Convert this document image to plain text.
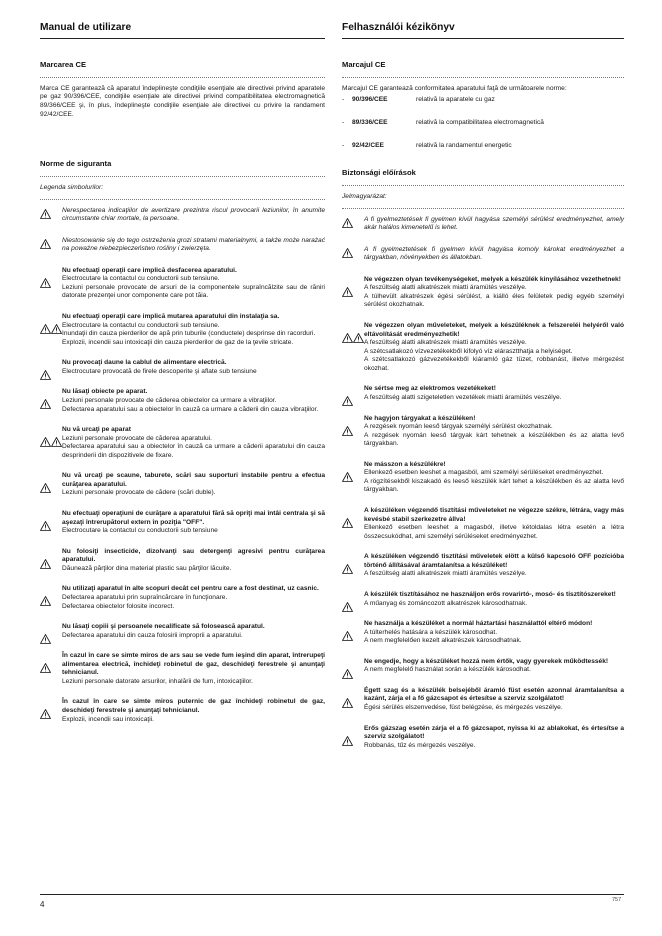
Manual de utilizare	Felhasználói kézikönyv
Marcarea CE

Marca CE garantează că aparatul îndeplineşte condiţiile esenţiale ale directivei privind aparatele pe gaz 90/396/CEE, condiţiile esenţiale ale directivei privind compatibilitatea electromagnetică 89/366/CEE şi, în plus, îndeplineşte condiţiile esenţiale ale directivei cu privire la randament 92/42/CEE.

Norme de siguranta
Legenda simbolurilor:
Nerespectarea indicaţiilor de avertizare prezintra riscul provocarii leziunilor, în anumite circumstante chiar mortale, la persoane.
Niestosowanie się do tego ostrzeżenia grozi stratami materialnymi, a także może narażać na poważne niebezpieczeństwo rośliny i zwierzęta.
Nu efectuaţi operaţii care implică desfacerea aparatului.
Electrocutare la contactul cu conductorii sub tensiune.
Leziuni personale provocate de arsuri de la componentele supraîncălzite sau de răniri datorate prezenţei unor componente care pot tăia.
Nu efectuaţi operaţii care implică mutarea aparatului din instalaţia sa.
Electrocutare la contactul cu conductorii sub tensiune.
Inundaţii din cauza pierderilor de apă prin tuburile (conductele) desprinse din racorduri.
Explozii, incendii sau intoxicaţii din cauza pierderilor de gaz de la ţevile stricate.
Nu provocaţi daune la cablul de alimentare electrică.
Electrocutare provocată de firele descoperite şi aflate sub tensiune
Nu lăsaţi obiecte pe aparat.
Leziuni personale provocate de căderea obiectelor ca urmare a vibraţiilor.
Defectarea aparatului sau a obiectelor în cauză ca urmare a căderii din cauza vibraţiilor.
Nu vă urcaţi pe aparat
Leziuni personale provocate de căderea aparatului.
Defectarea aparatului sau a obiectelor în cauză ca urmare a căderii aparatului din cauza desprinderii din dispozitivele de fixare.
Nu vă urcaţi pe scaune, taburete, scări sau suporturi instabile pentru a efectua curăţarea aparatului.
Leziuni personale provocate de cădere (scări duble).
Nu efectuaţi operaţiuni de curăţare a aparatului fără să opriţi mai întâi centrala şi să aşezaţi întrerupătorul extern în poziţia "OFF".
Electrocutare la contactul cu conductorii sub tensiune
Nu folosiţi insecticide, dizolvanţi sau detergenţi agresivi pentru curăţarea aparatului.
Dăunează părţilor dina material plastic sau părţilor lăcuite.
Nu utilizaţi aparatul în alte scopuri decât cel pentru care a fost destinat, uz casnic.
Defectarea aparatului prin supraîncărcare în funcţionare.
Defectarea obiectelor folosite incorect.
Nu lăsaţi copiii şi persoanele necalificate să folosească aparatul.
Defectarea aparatului din cauza folosirii improprii a aparatului.
În cazul în care se simte miros de ars sau se vede fum ieşind din aparat, întrerupeţi alimentarea electrică, închideţi robinetul de gaz, deschideţi ferestrele şi anunţaţi tehnicianul.
Leziuni personale datorate arsurilor, inhalării de fum, intoxicaţiilor.
În cazul în care se simte miros puternic de gaz închideţi robinetul de gaz, deschideţi ferestrele şi anunţaţi tehnicianul.
Explozii, incendii sau intoxicaţii.
Marcajul CE

Marcajul CE garantează conformitatea aparatului faţă de următoarele norme:

-	90/396/CEE	relativă la aparatele cu gaz
-	89/336/CEE	relativă la compatibilitatea electromagnetică
-	92/42/CEE	relativă la randamentul energetic
Biztonsági előírások
Jelmagyarázat:
A fi gyelmeztetések fi gyelmen kívül hagyása személyi sérülést eredményezhet, amely akár halálos kimenetelű is lehet.
A fi gyelmeztetések fi gyelmen kívül hagyása komoly károkat eredményezhet a tárgyakban, növényekben és állatokban.
Ne végezzen olyan tevékenységeket, melyek a készülék kinyílásához vezethetnek!
A feszültség alatti alkatrészek miatti áramütés veszélye.
A túlhevült alkatrészek égési sérülést, a kiálló éles felületek pedig egyéb személyi sérülést okozhatnak.
Ne végezzen olyan műveleteket, melyek a készüléknek a felszereléi helyéről való eltávolítását eredményezhetik!
A feszültség alatti alkatrészek miatti áramütés veszélye.
A szétcsatlakozó vízvezetékekből kifolyó víz elárasztthatja a helyiséget.
A szétcsatlakozó gázvezetékekből kiáramló gáz tüzet, robbanást, illetve mérgezést okozhat.
Ne sértse meg az elektromos vezetékeket!
A feszültség alatti szigeteletlen vezetékek miatti áramütés veszélye.
Ne hagyjon tárgyakat a készüléken!
A rezgések nyomán leeső tárgyak személyi sérülést okozhatnak.
A rezgések nyomán leeső tárgyak kárt tehetnek a készülékben és az alatta levő tárgyakban.
Ne másszon a készülékre!
Ellenkező esetben leeshet a magasból, ami személyi sérüléseket eredményezhet.
A rögzítésekből kiszakadó és leeső készülék kárt tehet a készülékben és az alatta levő tárgyakban.
A készüléken végzendő tisztítási műveleteket ne végezze székre, létrára, vagy más kevésbé stabil szerkezetre állva!
Ellenkező esetben leeshet a magasból, illetve kétoldalas létra esetén a létra összecsukódhat, ami személyi sérüléseket eredményezhet.
A készüléken végzendő tisztítási műveletek elött a külső kapcsoló OFF pozícióba történő állításával áramtalanítsa a készüléket!
A feszültség alatti alkatrészek miatti áramütés veszélye.
A készülék tisztításához ne használjon erős rovarirtó-, mosó- és tisztítószereket!
A műanyag és zománcozott alkatrészek károsodhatnak.
Ne használja a készüléket a normál háztartási használattól eltérő módon!
A túlterhelés hatására a készülék károsodhat.
A nem megfelelően kezelt alkatrészek károsodhatnak.
Ne engedje, hogy a készüléket hozzá nem értők, vagy gyerekek működtessék!
A nem megfelelő használat során a készülék károsodhat.
Égett szag és a készülék belsejéből áramló füst esetén azonnal áramtalanítsa a kazánt, zárja el a fő gázcsapot és értesítse a szerviz szolgálatot!
Égési sérülés elszenvedése, füst belégzése, és mérgezés veszélye.
Erős gázszag esetén zárja el a fő gázcsapot, nyissa ki az ablakokat, és értesítse a szerviz szolgálatot!
Robbanás, tűz és mérgezés veszélye.
4	757
